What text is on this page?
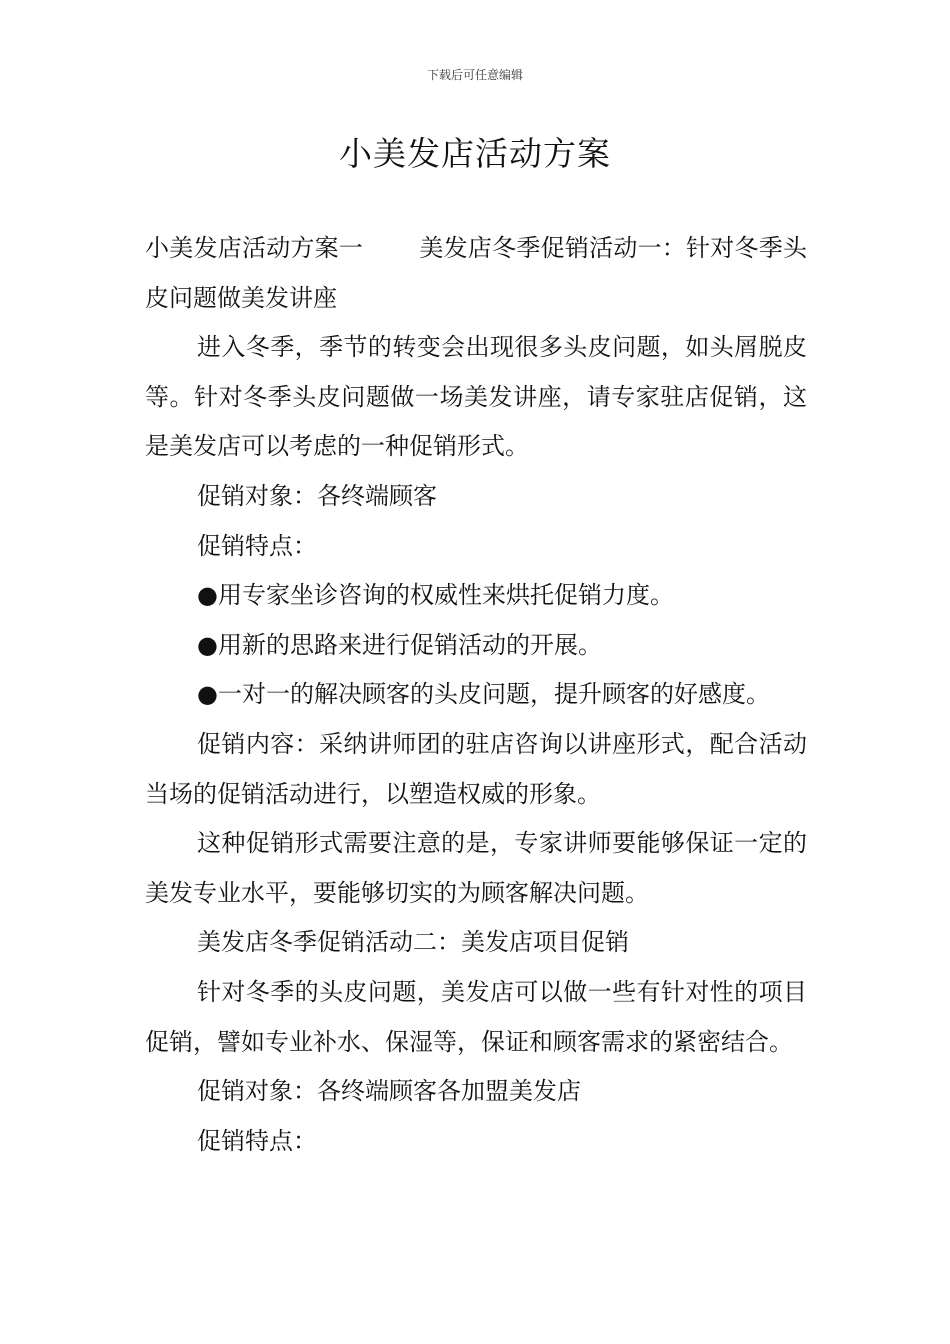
下载后可任意编辑
小美发店活动方案

小美发店活动方案一 美发店冬季促销活动一：针对冬季头皮问题做美发讲座

进入冬季，季节的转变会出现很多头皮问题，如头屑脱皮等。针对冬季头皮问题做一场美发讲座，请专家驻店促销，这是美发店可以考虑的一种促销形式。

促销对象：各终端顾客

促销特点：

●用专家坐诊咨询的权威性来烘托促销力度。

●用新的思路来进行促销活动的开展。

●一对一的解决顾客的头皮问题，提升顾客的好感度。

促销内容：采纳讲师团的驻店咨询以讲座形式，配合活动当场的促销活动进行，以塑造权威的形象。

这种促销形式需要注意的是，专家讲师要能够保证一定的美发专业水平，要能够切实的为顾客解决问题。

美发店冬季促销活动二：美发店项目促销

针对冬季的头皮问题，美发店可以做一些有针对性的项目促销，譬如专业补水、保湿等，保证和顾客需求的紧密结合。

促销对象：各终端顾客各加盟美发店

促销特点：
